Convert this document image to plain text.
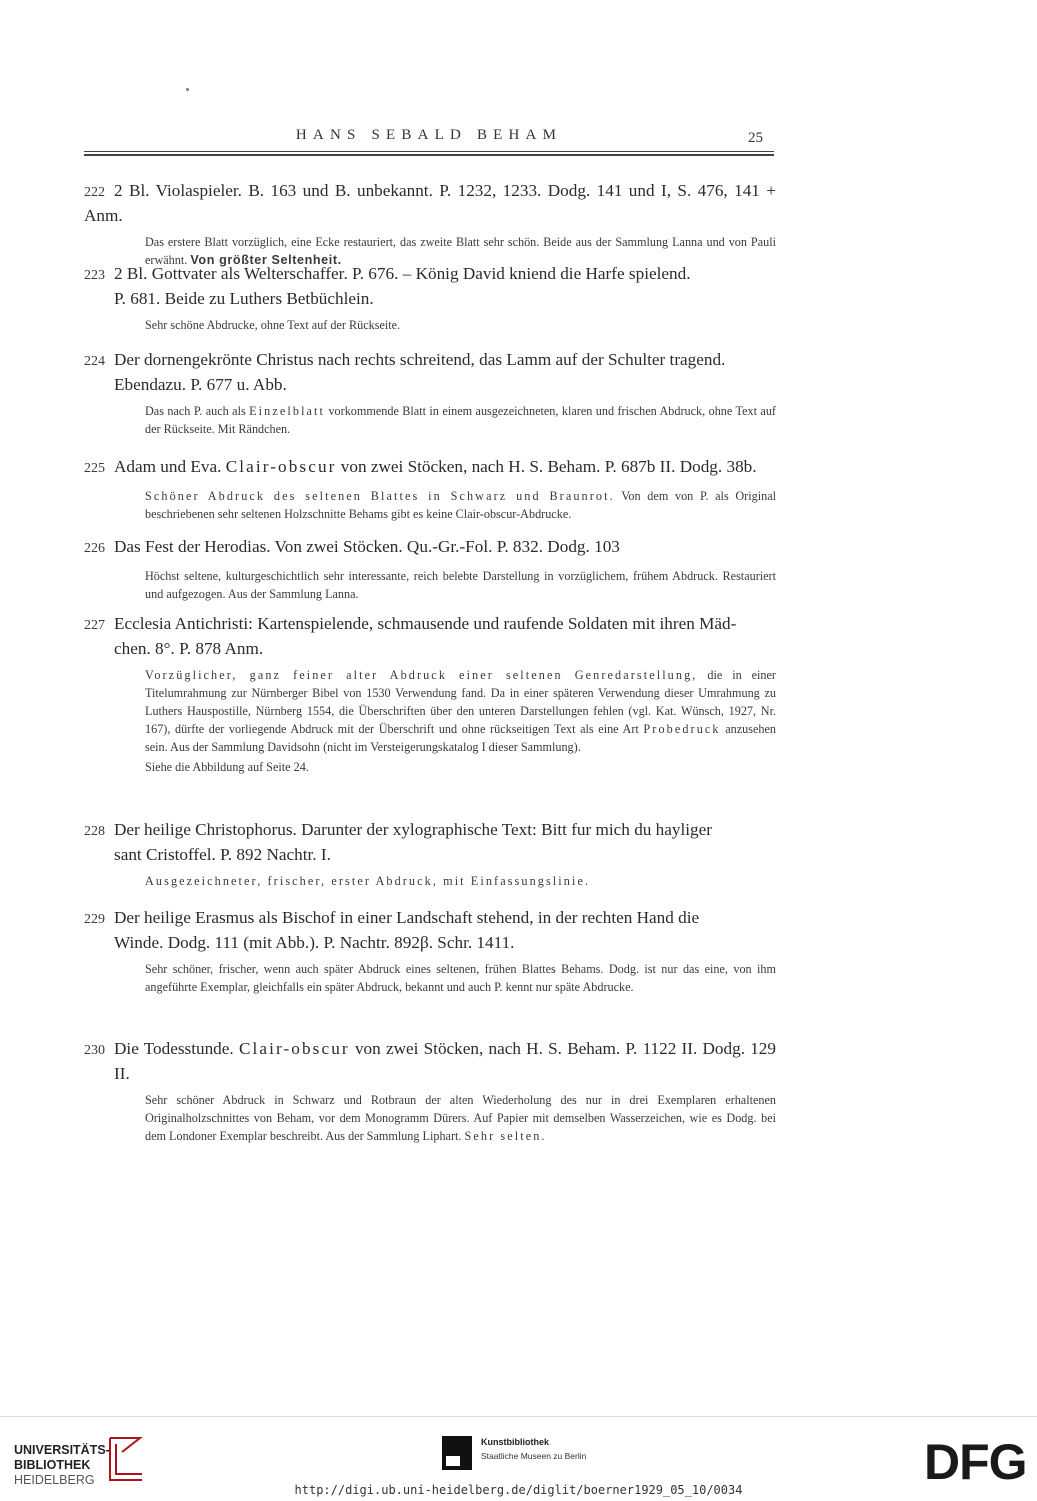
HANS SEBALD BEHAM	25
222 2 Bl. Violaspieler. B. 163 und B. unbekannt. P. 1232, 1233. Dodg. 141 und I, S. 476, 141 + Anm.
Das erstere Blatt vorzüglich, eine Ecke restauriert, das zweite Blatt sehr schön. Beide aus der Sammlung Lanna und von Pauli erwähnt. Von größter Seltenheit.
223 2 Bl. Gottvater als Welterschaffer. P. 676. – König David kniend die Harfe spielend.
P. 681. Beide zu Luthers Betbüchlein.
Sehr schöne Abdrucke, ohne Text auf der Rückseite.
224 Der dornengekrönte Christus nach rechts schreitend, das Lamm auf der Schulter tragend.
Ebendazu. P. 677 u. Abb.
Das nach P. auch als Einzelblatt vorkommende Blatt in einem ausgezeichneten, klaren und frischen Abdruck, ohne Text auf der Rückseite. Mit Rändchen.
225 Adam und Eva. Clair-obscur von zwei Stöcken, nach H. S. Beham. P. 687b II. Dodg. 38b.
Schöner Abdruck des seltenen Blattes in Schwarz und Braunrot. Von dem von P. als Original beschriebenen sehr seltenen Holzschnitte Behams gibt es keine Clair-obscur-Abdrucke.
226 Das Fest der Herodias. Von zwei Stöcken. Qu.-Gr.-Fol. P. 832. Dodg. 103
Höchst seltene, kulturgeschichtlich sehr interessante, reich belebte Darstellung in vorzüglichem, frühem Abdruck. Restauriert und aufgezogen. Aus der Sammlung Lanna.
227 Ecclesia Antichristi: Kartenspielende, schmausende und raufende Soldaten mit ihren Mäd-
chen. 8°. P. 878 Anm.
Vorzüglicher, ganz feiner alter Abdruck einer seltenen Genredarstellung, die in einer Titelumrahmung zur Nürnberger Bibel von 1530 Verwendung fand. Da in einer späteren Verwendung dieser Umrahmung zu Luthers Hauspostille, Nürnberg 1554, die Überschriften über den unteren Darstellungen fehlen (vgl. Kat. Wünsch, 1927, Nr. 167), dürfte der vorliegende Abdruck mit der Überschrift und ohne rückseitigen Text als eine Art Probedruck anzusehen sein. Aus der Sammlung Davidsohn (nicht im Versteigerungskatalog I dieser Sammlung).
Siehe die Abbildung auf Seite 24.
228 Der heilige Christophorus. Darunter der xylographische Text: Bitt fur mich du hayliger
sant Cristoffel. P. 892 Nachtr. I.
Ausgezeichneter, frischer, erster Abdruck, mit Einfassungslinie.
229 Der heilige Erasmus als Bischof in einer Landschaft stehend, in der rechten Hand die
Winde. Dodg. 111 (mit Abb.). P. Nachtr. 892β. Schr. 1411.
Sehr schöner, frischer, wenn auch später Abdruck eines seltenen, frühen Blattes Behams. Dodg. ist nur das eine, von ihm angeführte Exemplar, gleichfalls ein später Abdruck, bekannt und auch P. kennt nur späte Abdrucke.
230 Die Todesstunde. Clair-obscur von zwei Stöcken, nach H. S. Beham. P. 1122 II. Dodg. 129 II.
Sehr schöner Abdruck in Schwarz und Rotbraun der alten Wiederholung des nur in drei Exemplaren erhaltenen Originalholzschnittes von Beham, vor dem Monogramm Dürers. Auf Papier mit demselben Wasserzeichen, wie es Dodg. bei dem Londoner Exemplar beschreibt. Aus der Sammlung Liphart. Sehr selten.
UNIVERSITÄTS-
BIBLIOTHEK
HEIDELBERG
Kunstbibliothek
Staatliche Museen zu Berlin	DFG
http://digi.ub.uni-heidelberg.de/diglit/boerner1929_05_10/0034
